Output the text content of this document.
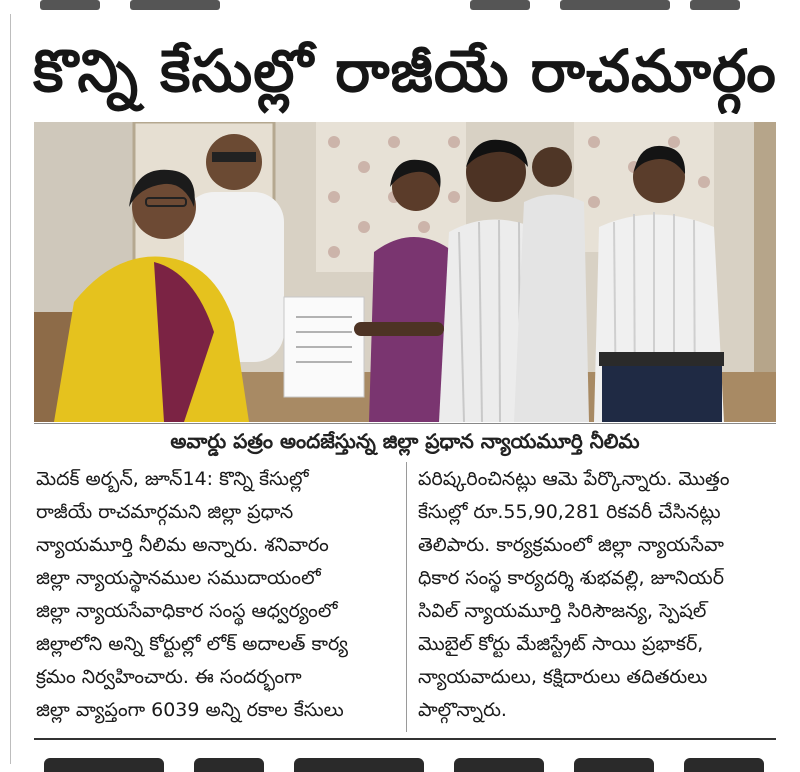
కొన్ని కేసుల్లో రాజీయే రాచమార్గం
అవార్డు పత్రం అందజేస్తున్న జిల్లా ప్రధాన న్యాయమూర్తి నీలిమ
మెదక్ అర్బన్, జూన్14: కొన్ని కేసుల్లో
రాజీయే రాచమార్గమని జిల్లా ప్రధాన
న్యాయమూర్తి నీలిమ అన్నారు. శనివారం
జిల్లా న్యాయస్థానముల సముదాయంలో
జిల్లా న్యాయసేవాధికార సంస్థ ఆధ్వర్యంలో
జిల్లాలోని అన్ని కోర్టుల్లో లోక్ అదాలత్ కార్య
క్రమం నిర్వహించారు. ఈ సందర్భంగా
జిల్లా వ్యాప్తంగా 6039 అన్ని రకాల కేసులు
పరిష్కరించినట్లు ఆమె పేర్కొన్నారు. మొత్తం
కేసుల్లో రూ.55,90,281 రికవరీ చేసినట్లు
తెలిపారు. కార్యక్రమంలో జిల్లా న్యాయసేవా
ధికార సంస్థ కార్యదర్శి శుభవల్లి, జూనియర్
సివిల్ న్యాయమూర్తి సిరిసౌజన్య, స్పెషల్
మొబైల్ కోర్టు మేజిస్ట్రేట్ సాయి ప్రభాకర్,
న్యాయవాదులు, కక్షిదారులు తదితరులు
పాల్గొన్నారు.
